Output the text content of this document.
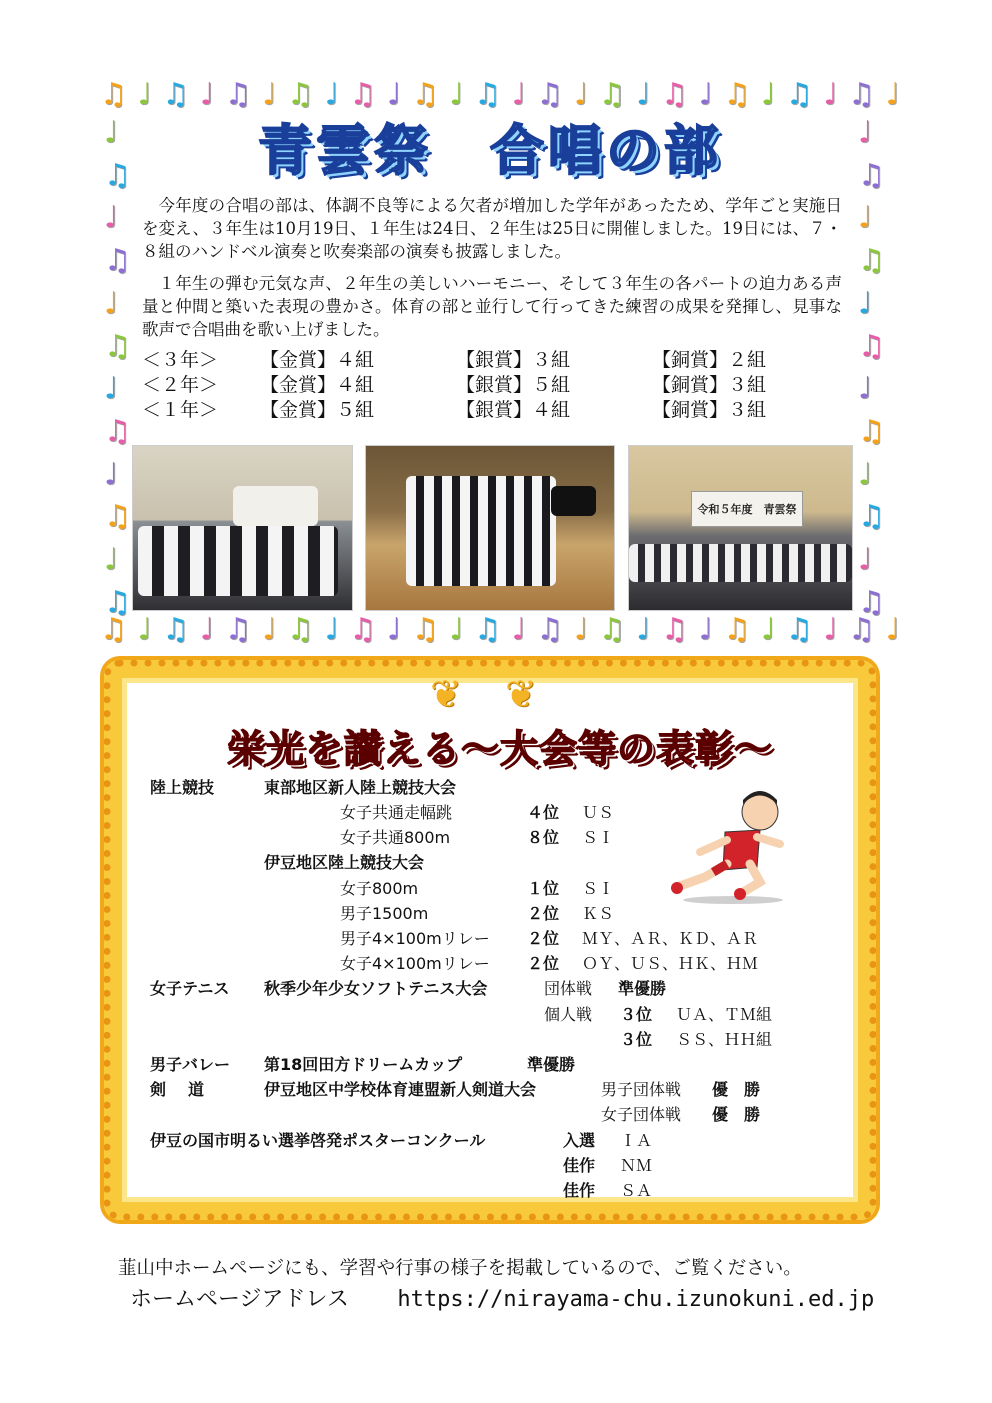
♫ ♩ ♫ ♩ ♫ ♩ ♫ ♩ ♫ ♩ ♫ ♩ ♫ ♩ ♫ ♩ ♫ ♩ ♫ ♩ ♫ ♩ ♫ ♩ ♫ ♩
♫ ♩ ♫ ♩ ♫ ♩ ♫ ♩ ♫ ♩ ♫ ♩ ♫ ♩ ♫ ♩ ♫ ♩ ♫ ♩ ♫ ♩ ♫ ♩ ♫ ♩
♩
♫
♩
♫
♩
♫
♩
♫
♩
♫
♩
♫
♩
♫
♩
♫
♩
♫
♩
♫
♩
♫
♩
♫
青雲祭　合唱の部
今年度の合唱の部は、体調不良等による欠者が増加した学年があったため、学年ごと実施日を変え、３年生は10月19日、１年生は24日、２年生は25日に開催しました。19日には、７・８組のハンドベル演奏と吹奏楽部の演奏も披露しました。
１年生の弾む元気な声、２年生の美しいハーモニー、そして３年生の各パートの迫力ある声量と仲間と築いた表現の豊かさ。体育の部と並行して行ってきた練習の成果を発揮し、見事な歌声で合唱曲を歌い上げました。
＜３年＞	【金賞】４組	【銀賞】３組	【銅賞】２組
＜２年＞	【金賞】４組	【銀賞】５組	【銅賞】３組
＜１年＞	【金賞】５組	【銀賞】４組	【銅賞】３組
令和５年度　青雲祭
❦ ❦
栄光を讃える～大会等の表彰～
陸上競技	東部地区新人陸上競技大会
女子共通走幅跳	４位 ＵＳ
女子共通800m	８位 ＳＩ
伊豆地区陸上競技大会
女子800m	１位 ＳＩ
男子1500m	２位 ＫＳ
男子4×100mリレー ２位 ＭＹ、ＡＲ、ＫＤ、ＡＲ
女子4×100mリレー ２位 ＯＹ、ＵＳ、ＨＫ、ＨＭ
女子テニス 秋季少年少女ソフトテニス大会	団体戦 準優勝
個人戦 ３位 ＵＡ、ＴＭ組
３位 ＳＳ、ＨＨ組
男子バレー 第18回田方ドリームカップ	準優勝
剣　道	伊豆地区中学校体育連盟新人剣道大会	男子団体戦 優　勝
女子団体戦 優　勝
伊豆の国市明るい選挙啓発ポスターコンクール	入選 ＩＡ
佳作 ＮＭ
佳作 ＳＡ
韮山中ホームページにも、学習や行事の様子を掲載しているので、ご覧ください。
ホームページアドレス https://nirayama-chu.izunokuni.ed.jp
